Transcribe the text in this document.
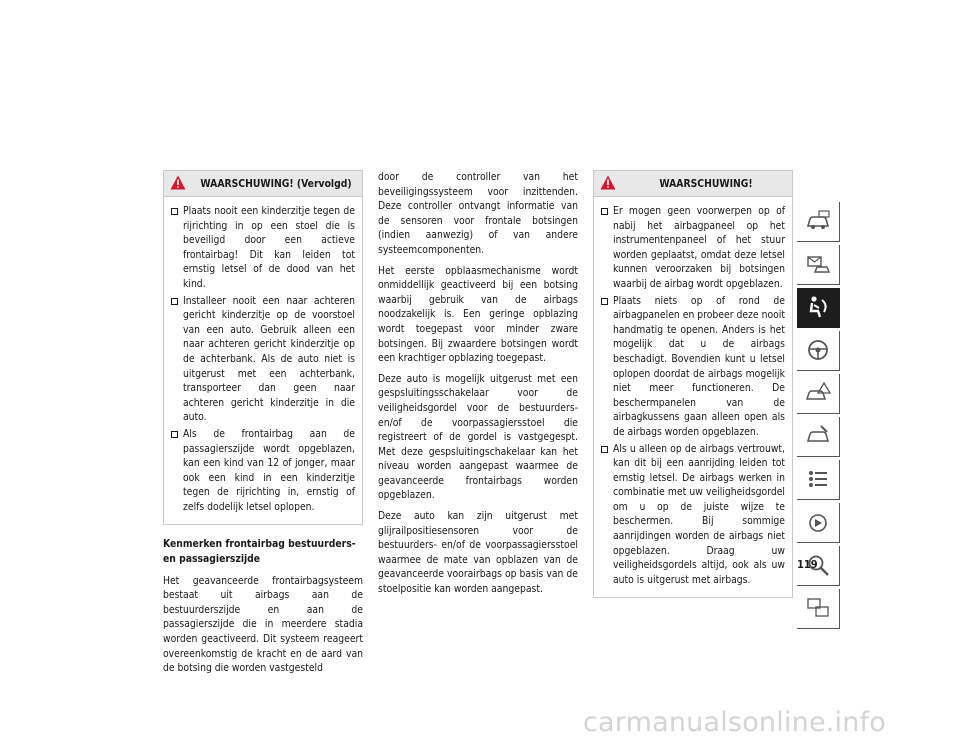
WAARSCHUWING! (Vervolgd)
Plaats nooit een kinderzitje tegen de rijrichting in op een stoel die is beveiligd door een actieve frontairbag! Dit kan leiden tot ernstig letsel of de dood van het kind.
Installeer nooit een naar achteren gericht kinderzitje op de voorstoel van een auto. Gebruik alleen een naar achteren gericht kinderzitje op de achterbank. Als de auto niet is uitgerust met een achterbank, transporteer dan geen naar achteren gericht kinderzitje in die auto.
Als de frontairbag aan de passagierszijde wordt opgeblazen, kan een kind van 12 of jonger, maar ook een kind in een kinderzitje tegen de rijrichting in, ernstig of zelfs dodelijk letsel oplopen.
Kenmerken frontairbag bestuurders- en passagierszijde

Het geavanceerde frontairbagsysteem bestaat uit airbags aan de bestuurderszijde en aan de passagierszijde die in meerdere stadia worden geactiveerd. Dit systeem reageert overeenkomstig de kracht en de aard van de botsing die worden vastgesteld

door de controller van het beveiligingssysteem voor inzittenden. Deze controller ontvangt informatie van de sensoren voor frontale botsingen (indien aanwezig) of van andere systeemcomponenten.

Het eerste opblaasmechanisme wordt onmiddellijk geactiveerd bij een botsing waarbij gebruik van de airbags noodzakelijk is. Een geringe opblazing wordt toegepast voor minder zware botsingen. Bij zwaardere botsingen wordt een krachtiger opblazing toegepast.

Deze auto is mogelijk uitgerust met een gespsluitingsschakelaar voor de veiligheidsgordel voor de bestuurders- en/of de voorpassagiersstoel die registreert of de gordel is vastgegespt. Met deze gespsluitingschakelaar kan het niveau worden aangepast waarmee de geavanceerde frontairbags worden opgeblazen.

Deze auto kan zijn uitgerust met glijrailpositiesensoren voor de bestuurders- en/of de voorpassagiersstoel waarmee de mate van opblazen van de geavanceerde voorairbags op basis van de stoelpositie kan worden aangepast.

WAARSCHUWING!
Er mogen geen voorwerpen op of nabij het airbagpaneel op het instrumentenpaneel of het stuur worden geplaatst, omdat deze letsel kunnen veroorzaken bij botsingen waarbij de airbag wordt opgeblazen.
Plaats niets op of rond de airbagpanelen en probeer deze nooit handmatig te openen. Anders is het mogelijk dat u de airbags beschadigt. Bovendien kunt u letsel oplopen doordat de airbags mogelijk niet meer functioneren. De beschermpanelen van de airbagkussens gaan alleen open als de airbags worden opgeblazen.
Als u alleen op de airbags vertrouwt, kan dit bij een aanrijding leiden tot ernstig letsel. De airbags werken in combinatie met uw veiligheidsgordel om u op de juiste wijze te beschermen. Bij sommige aanrijdingen worden de airbags niet opgeblazen. Draag uw veiligheidsgordels altijd, ook als uw auto is uitgerust met airbags.
119
carmanualsonline.info
